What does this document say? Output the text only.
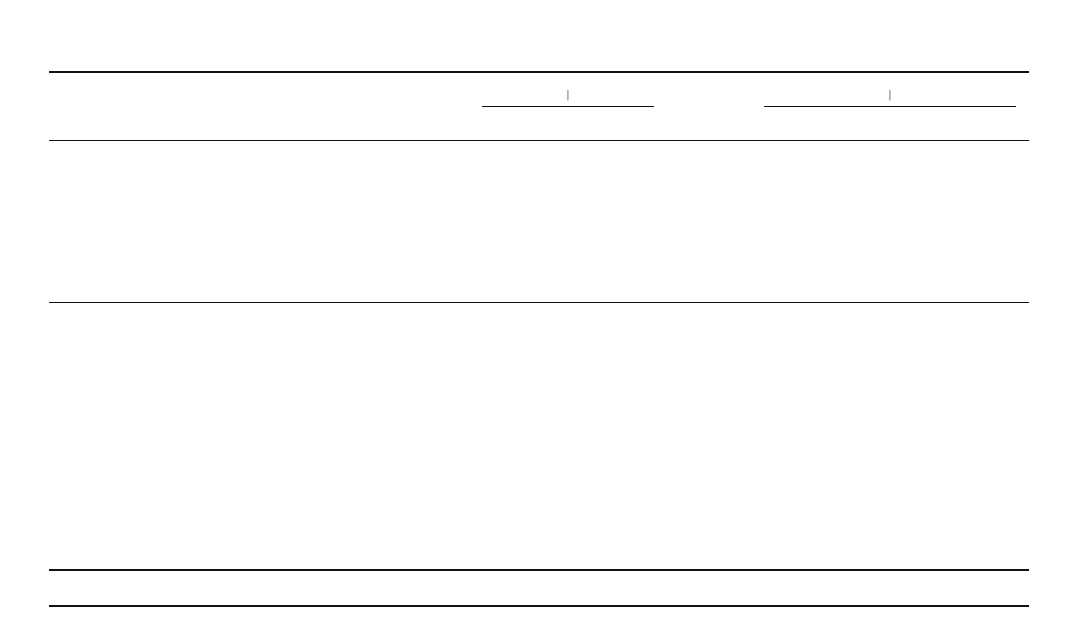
$_|$	$_|$
